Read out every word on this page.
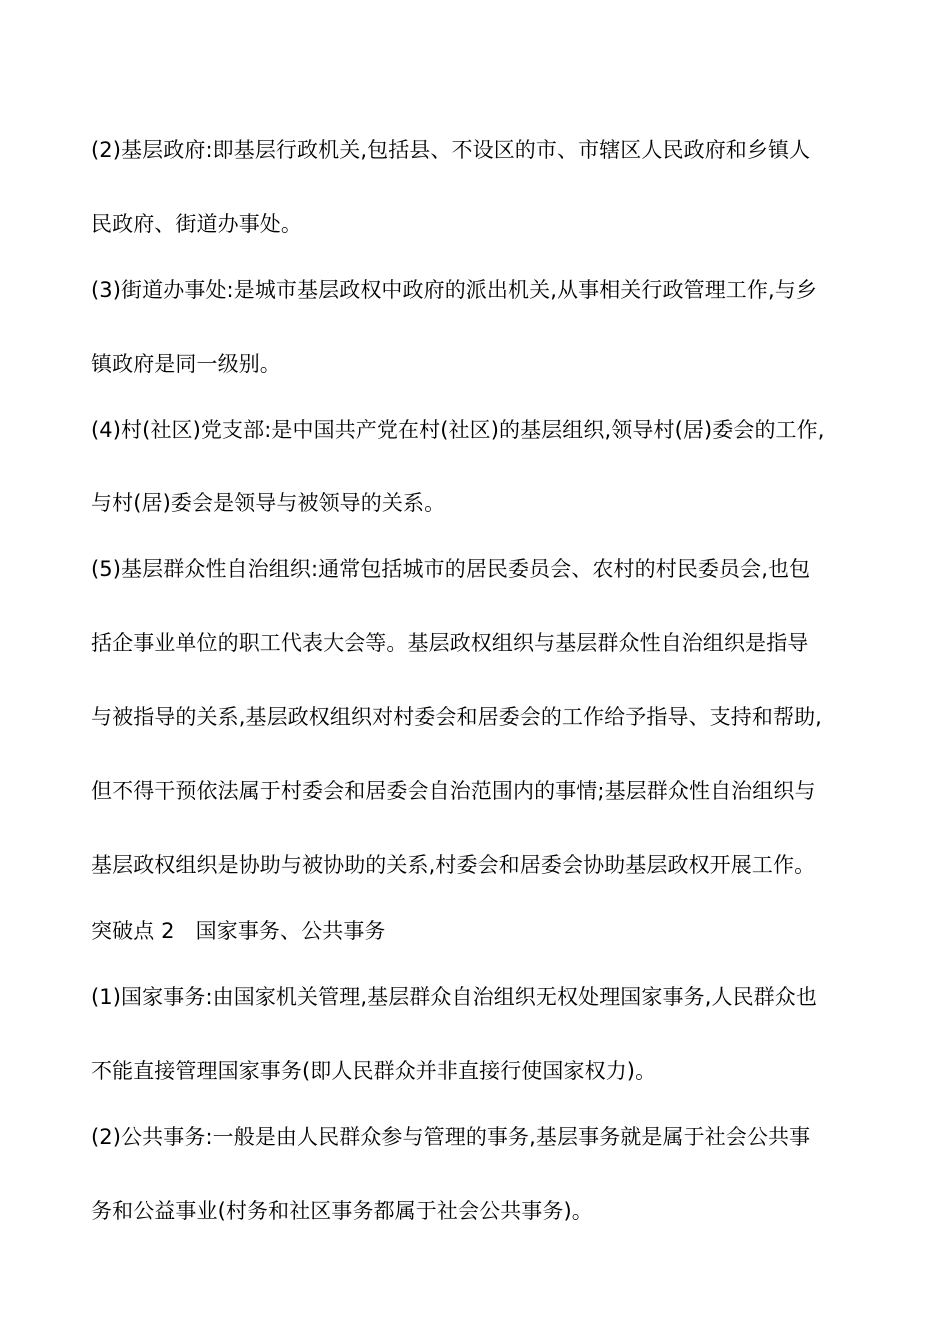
(2)基层政府:即基层行政机关,包括县、不设区的市、市辖区人民政府和乡镇人
民政府、街道办事处。
(3)街道办事处:是城市基层政权中政府的派出机关,从事相关行政管理工作,与乡
镇政府是同一级别。
(4)村(社区)党支部:是中国共产党在村(社区)的基层组织,领导村(居)委会的工作,
与村(居)委会是领导与被领导的关系。
(5)基层群众性自治组织:通常包括城市的居民委员会、农村的村民委员会,也包
括企事业单位的职工代表大会等。基层政权组织与基层群众性自治组织是指导
与被指导的关系,基层政权组织对村委会和居委会的工作给予指导、支持和帮助,
但不得干预依法属于村委会和居委会自治范围内的事情;基层群众性自治组织与
基层政权组织是协助与被协助的关系,村委会和居委会协助基层政权开展工作。
突破点 2　国家事务、公共事务
(1)国家事务:由国家机关管理,基层群众自治组织无权处理国家事务,人民群众也
不能直接管理国家事务(即人民群众并非直接行使国家权力)。
(2)公共事务:一般是由人民群众参与管理的事务,基层事务就是属于社会公共事
务和公益事业(村务和社区事务都属于社会公共事务)。
